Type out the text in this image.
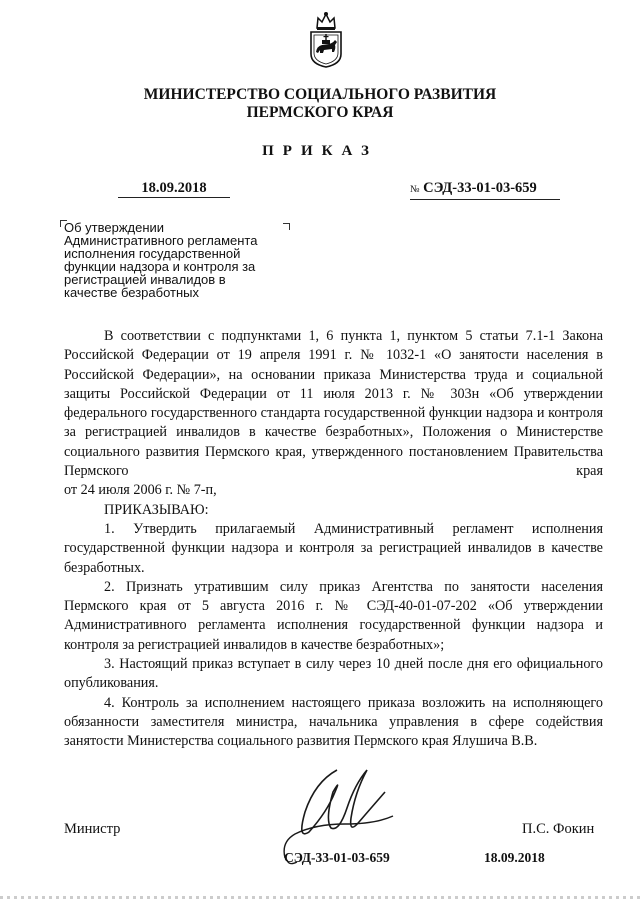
МИНИСТЕРСТВО СОЦИАЛЬНОГО РАЗВИТИЯ
ПЕРМСКОГО КРАЯ
ПРИКАЗ
18.09.2018	№ СЭД-33-01-03-659
Об утверждении
Административного регламента
исполнения государственной
функции надзора и контроля за
регистрацией инвалидов в
качестве безработных

В соответствии с подпунктами 1, 6 пункта 1, пунктом 5 статьи 7.1-1 Закона Российской Федерации от 19 апреля 1991 г. № 1032-1 «О занятости населения в Российской Федерации», на основании приказа Министерства труда и социальной защиты Российской Федерации от 11 июля 2013 г. № 303н «Об утверждении федерального государственного стандарта государственной функции надзора и контроля за регистрацией инвалидов в качестве безработных», Положения о Министерстве социального развития Пермского края, утвержденного постановлением Правительства Пермского края

от 24 июля 2006 г. № 7-п,

ПРИКАЗЫВАЮ:

1. Утвердить прилагаемый Административный регламент исполнения государственной функции надзора и контроля за регистрацией инвалидов в качестве безработных.

2. Признать утратившим силу приказ Агентства по занятости населения Пермского края от 5 августа 2016 г. № СЭД-40-01-07-202 «Об утверждении Административного регламента исполнения государственной функции надзора и контроля за регистрацией инвалидов в качестве безработных»;

3. Настоящий приказ вступает в силу через 10 дней после дня его официального опубликования.

4. Контроль за исполнением настоящего приказа возложить на исполняющего обязанности заместителя министра, начальника управления в сфере содействия занятости Министерства социального развития Пермского края Ялушича В.В.

Министр	П.С. Фокин
СЭД-33-01-03-659	18.09.2018
